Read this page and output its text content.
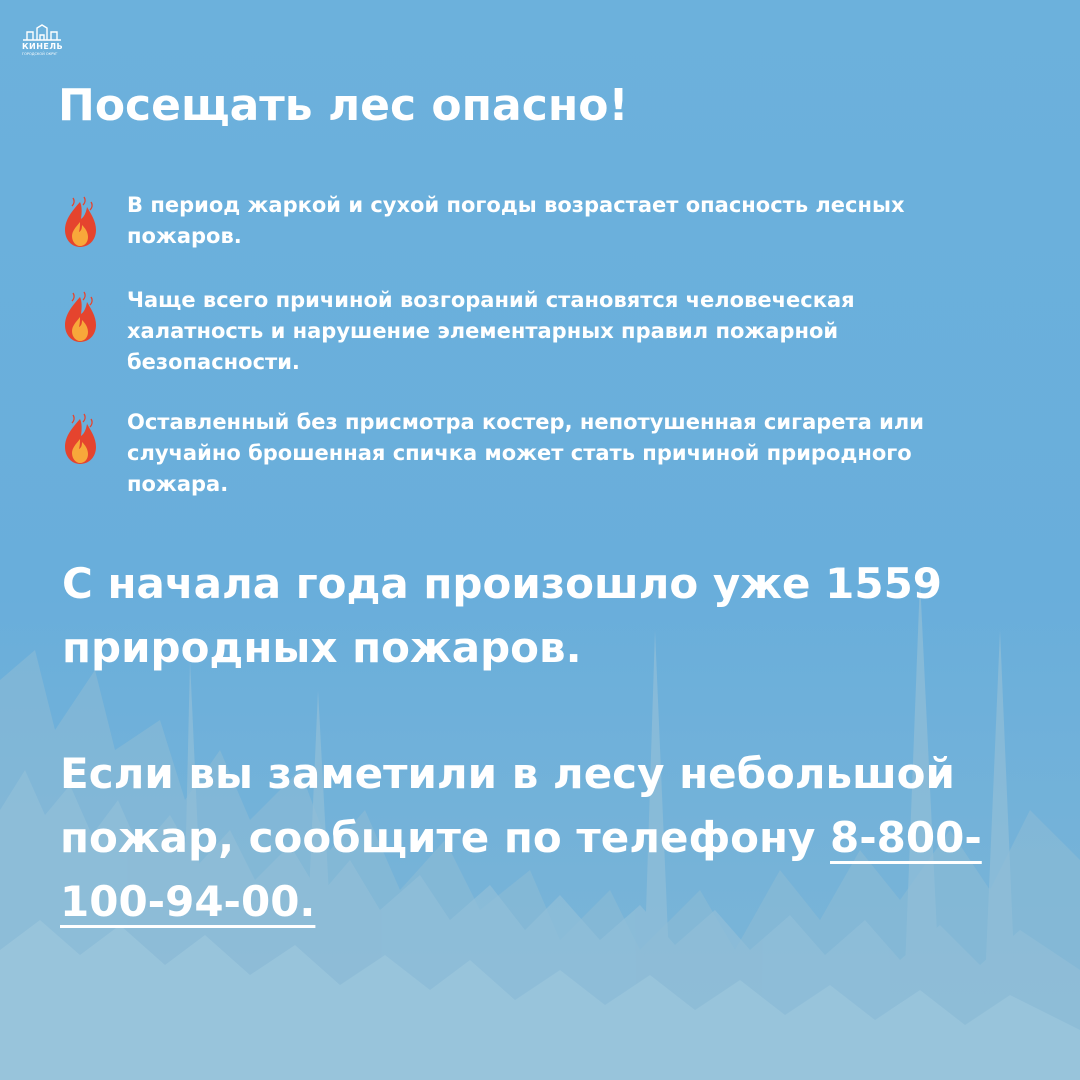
КИНЕЛЬ
ГОРОДСКОЙ ОКРУГ
Посещать лес опасно!
В период жаркой и сухой погоды возрастает опасность лесных пожаров.
Чаще всего причиной возгораний становятся человеческая халатность и нарушение элементарных правил пожарной безопасности.
Оставленный без присмотра костер, непотушенная сигарета или случайно брошенная спичка может стать причиной природного пожара.

С начала года произошло уже 1559 природных пожаров.

Если вы заметили в лесу небольшой пожар, сообщите по телефону 8-800-100-94-00.
